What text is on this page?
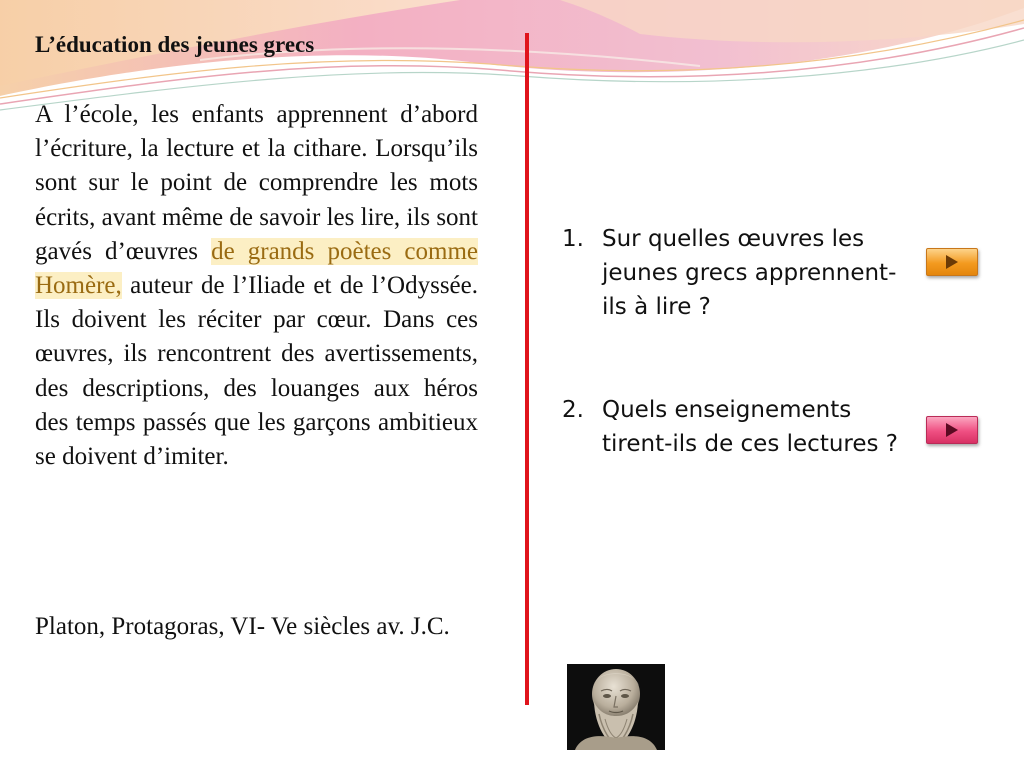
L’éducation des jeunes grecs
A l’école, les enfants apprennent d’abord l’écriture, la lecture et la cithare. Lorsqu’ils sont sur le point de comprendre les mots écrits, avant même de savoir les lire, ils sont gavés d’œuvres de grands poètes comme Homère, auteur de l’Iliade et de l’Odyssée. Ils doivent les réciter par cœur. Dans ces œuvres, ils rencontrent des avertissements, des descriptions, des louanges aux héros des temps passés que les garçons ambitieux se doivent d’imiter.
Platon, Protagoras, VI- Ve siècles av. J.C.
1. Sur quelles œuvres les jeunes grecs apprennent-ils à lire ?
2. Quels enseignements tirent-ils de ces lectures ?
